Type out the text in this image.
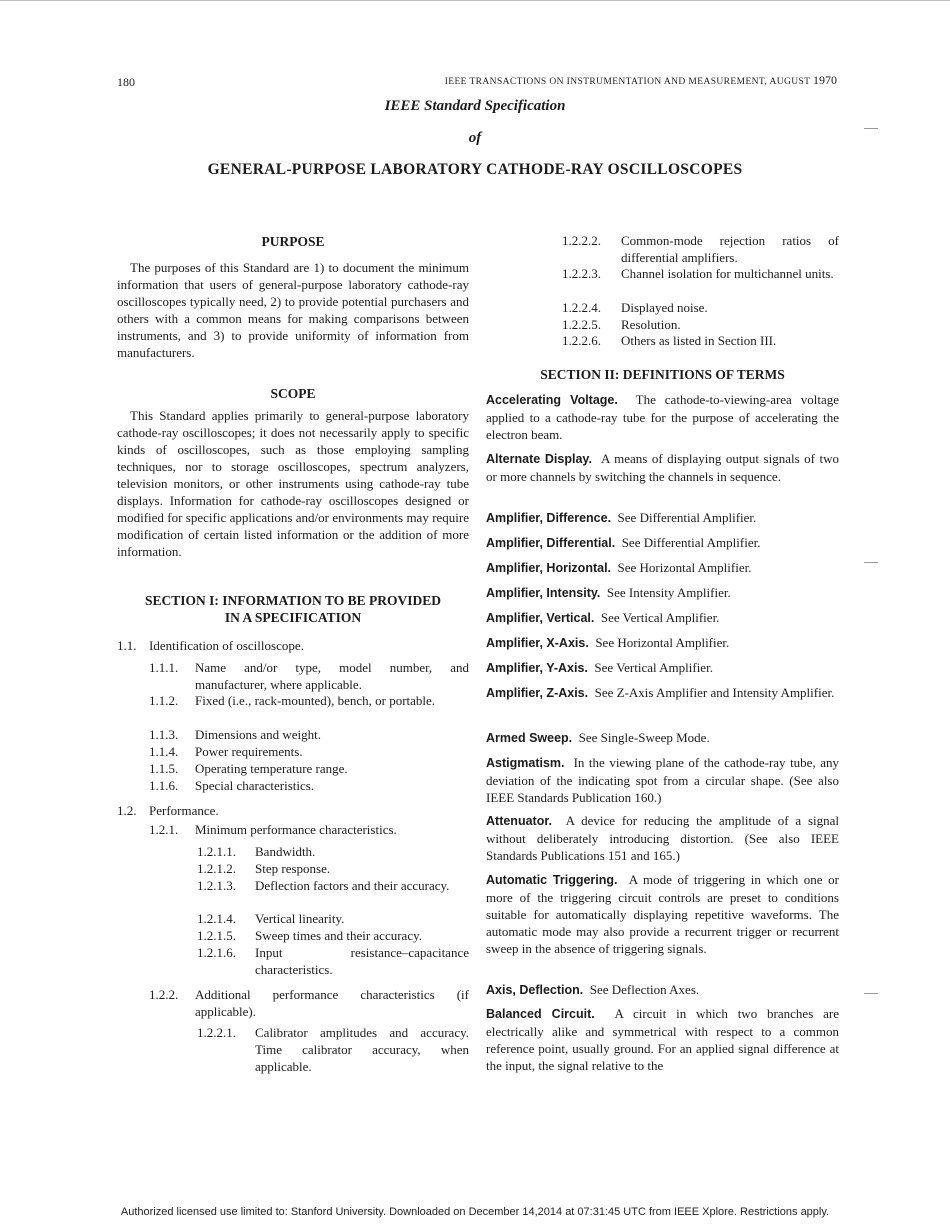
180	IEEE TRANSACTIONS ON INSTRUMENTATION AND MEASUREMENT, AUGUST 1970
IEEE Standard Specification
of
GENERAL-PURPOSE LABORATORY CATHODE-RAY OSCILLOSCOPES

PURPOSE

The purposes of this Standard are 1) to document the minimum information that users of general-purpose laboratory cathode-ray oscilloscopes typically need, 2) to provide potential purchasers and others with a common means for making comparisons between instruments, and 3) to provide uniformity of information from manufacturers.

SCOPE

This Standard applies primarily to general-purpose laboratory cathode-ray oscilloscopes; it does not necessarily apply to specific kinds of oscilloscopes, such as those employing sampling techniques, nor to storage oscilloscopes, spectrum analyzers, television monitors, or other instruments using cathode-ray tube displays. Information for cathode-ray oscilloscopes designed or modified for specific applications and/or environments may require modification of certain listed information or the addition of more information.

SECTION I: INFORMATION TO BE PROVIDED

IN A SPECIFICATION

1.1. Identification of oscilloscope.

1.1.1.	Name and/or type, model number, and manufacturer, where applicable.

1.1.2.	Fixed (i.e., rack-mounted), bench, or portable.

1.1.3.	Dimensions and weight.

1.1.4.	Power requirements.

1.1.5.	Operating temperature range.

1.1.6.	Special characteristics.

1.2. Performance.

1.2.1.	Minimum performance characteristics.

1.2.1.1.	Bandwidth.

1.2.1.2.	Step response.

1.2.1.3.	Deflection factors and their accuracy.

1.2.1.4.	Vertical linearity.

1.2.1.5.	Sweep times and their accuracy.

1.2.1.6.	Input resistance–capacitance characteristics.

1.2.2.	Additional performance characteristics (if applicable).

1.2.2.1.	Calibrator amplitudes and accuracy. Time calibrator accuracy, when applicable.

1.2.2.2.	Common-mode rejection ratios of differential amplifiers.

1.2.2.3.	Channel isolation for multichannel units.

1.2.2.4.	Displayed noise.

1.2.2.5.	Resolution.

1.2.2.6.	Others as listed in Section III.

SECTION II: DEFINITIONS OF TERMS

Accelerating Voltage. The cathode-to-viewing-area voltage applied to a cathode-ray tube for the purpose of accelerating the electron beam.

Alternate Display. A means of displaying output signals of two or more channels by switching the channels in sequence.

Amplifier, Difference. See Differential Amplifier.

Amplifier, Differential. See Differential Amplifier.

Amplifier, Horizontal. See Horizontal Amplifier.

Amplifier, Intensity. See Intensity Amplifier.

Amplifier, Vertical. See Vertical Amplifier.

Amplifier, X-Axis. See Horizontal Amplifier.

Amplifier, Y-Axis. See Vertical Amplifier.

Amplifier, Z-Axis. See Z-Axis Amplifier and Intensity Amplifier.

Armed Sweep. See Single-Sweep Mode.

Astigmatism. In the viewing plane of the cathode-ray tube, any deviation of the indicating spot from a circular shape. (See also IEEE Standards Publication 160.)

Attenuator. A device for reducing the amplitude of a signal without deliberately introducing distortion. (See also IEEE Standards Publications 151 and 165.)

Automatic Triggering. A mode of triggering in which one or more of the triggering circuit controls are preset to conditions suitable for automatically displaying repetitive waveforms. The automatic mode may also provide a recurrent trigger or recurrent sweep in the absence of triggering signals.

Axis, Deflection. See Deflection Axes.

Balanced Circuit. A circuit in which two branches are electrically alike and symmetrical with respect to a common reference point, usually ground. For an applied signal difference at the input, the signal relative to the

Authorized licensed use limited to: Stanford University. Downloaded on December 14,2014 at 07:31:45 UTC from IEEE Xplore. Restrictions apply.
